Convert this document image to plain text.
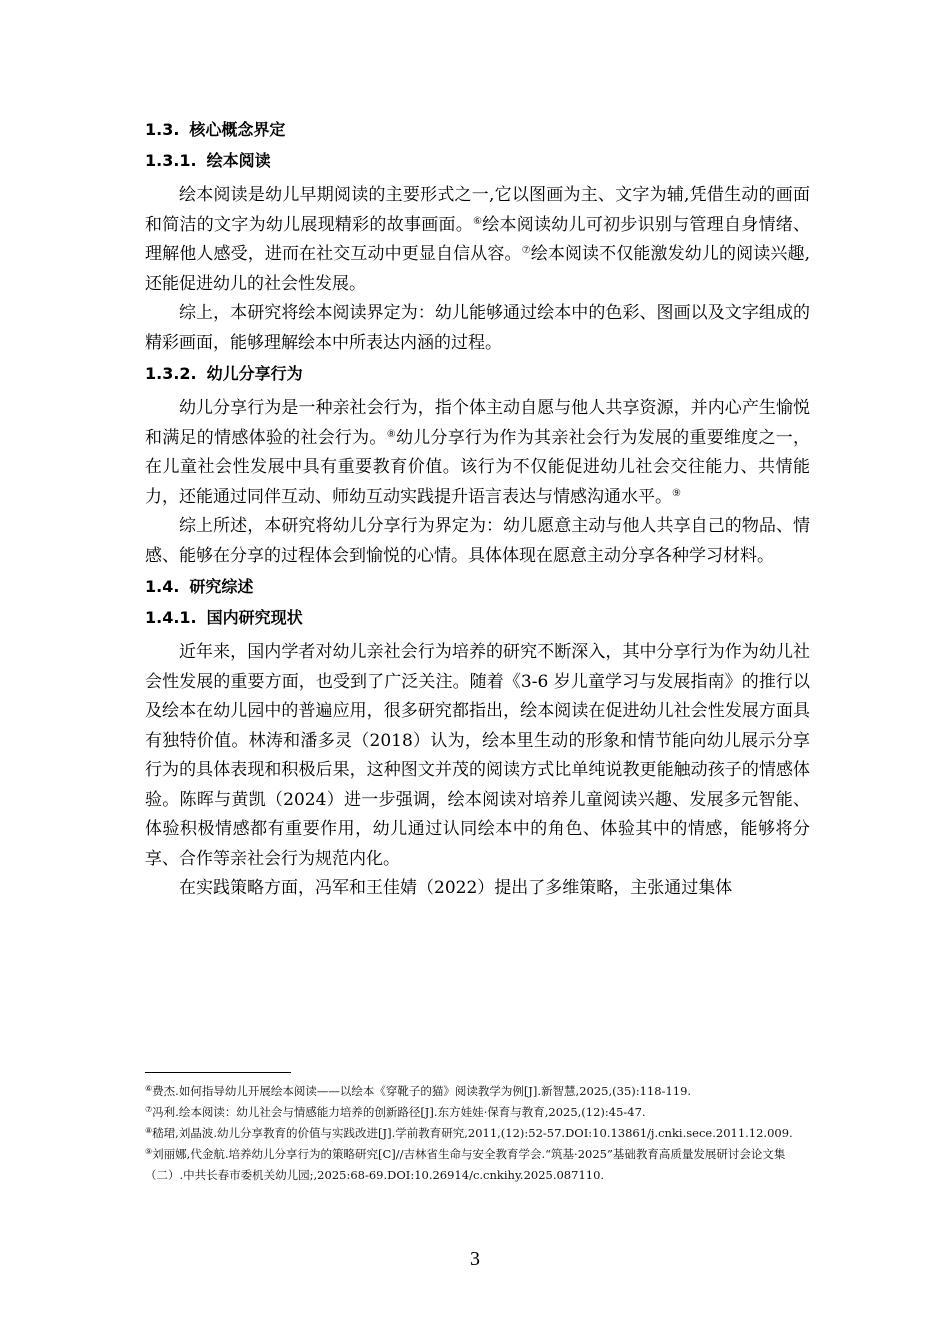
1.3. 核心概念界定
1.3.1. 绘本阅读

绘本阅读是幼儿早期阅读的主要形式之一,它以图画为主、文字为辅,凭借生动的画面和简洁的文字为幼儿展现精彩的故事画面。⑥绘本阅读幼儿可初步识别与管理自身情绪、理解他人感受，进而在社交互动中更显自信从容。⑦绘本阅读不仅能激发幼儿的阅读兴趣,还能促进幼儿的社会性发展。

综上，本研究将绘本阅读界定为：幼儿能够通过绘本中的色彩、图画以及文字组成的精彩画面，能够理解绘本中所表达内涵的过程。

1.3.2. 幼儿分享行为

幼儿分享行为是一种亲社会行为，指个体主动自愿与他人共享资源，并内心产生愉悦和满足的情感体验的社会行为。⑧幼儿分享行为作为其亲社会行为发展的重要维度之一，在儿童社会性发展中具有重要教育价值。该行为不仅能促进幼儿社会交往能力、共情能力，还能通过同伴互动、师幼互动实践提升语言表达与情感沟通水平。⑨

综上所述，本研究将幼儿分享行为界定为：幼儿愿意主动与他人共享自己的物品、情感、能够在分享的过程体会到愉悦的心情。具体体现在愿意主动分享各种学习材料。

1.4. 研究综述
1.4.1. 国内研究现状

近年来，国内学者对幼儿亲社会行为培养的研究不断深入，其中分享行为作为幼儿社会性发展的重要方面，也受到了广泛关注。随着《3-6 岁儿童学习与发展指南》的推行以及绘本在幼儿园中的普遍应用，很多研究都指出，绘本阅读在促进幼儿社会性发展方面具有独特价值。林涛和潘多灵（2018）认为，绘本里生动的形象和情节能向幼儿展示分享行为的具体表现和积极后果，这种图文并茂的阅读方式比单纯说教更能触动孩子的情感体验。陈晖与黄凯（2024）进一步强调，绘本阅读对培养儿童阅读兴趣、发展多元智能、体验积极情感都有重要作用，幼儿通过认同绘本中的角色、体验其中的情感，能够将分享、合作等亲社会行为规范内化。

在实践策略方面，冯军和王佳婧（2022）提出了多维策略，主张通过集体

⑥费杰.如何指导幼儿开展绘本阅读——以绘本《穿靴子的猫》阅读教学为例[J].新智慧,2025,(35):118-119.

⑦冯利.绘本阅读：幼儿社会与情感能力培养的创新路径[J].东方娃娃·保育与教育,2025,(12):45-47.

⑧嵇珺,刘晶波.幼儿分享教育的价值与实践改进[J].学前教育研究,2011,(12):52-57.DOI:10.13861/j.cnki.sece.2011.12.009.

⑨刘丽娜,代金航.培养幼儿分享行为的策略研究[C]//吉林省生命与安全教育学会.“筑基·2025”基础教育高质量发展研讨会论文集（二）.中共长春市委机关幼儿园;,2025:68-69.DOI:10.26914/c.cnkihy.2025.087110.

3
